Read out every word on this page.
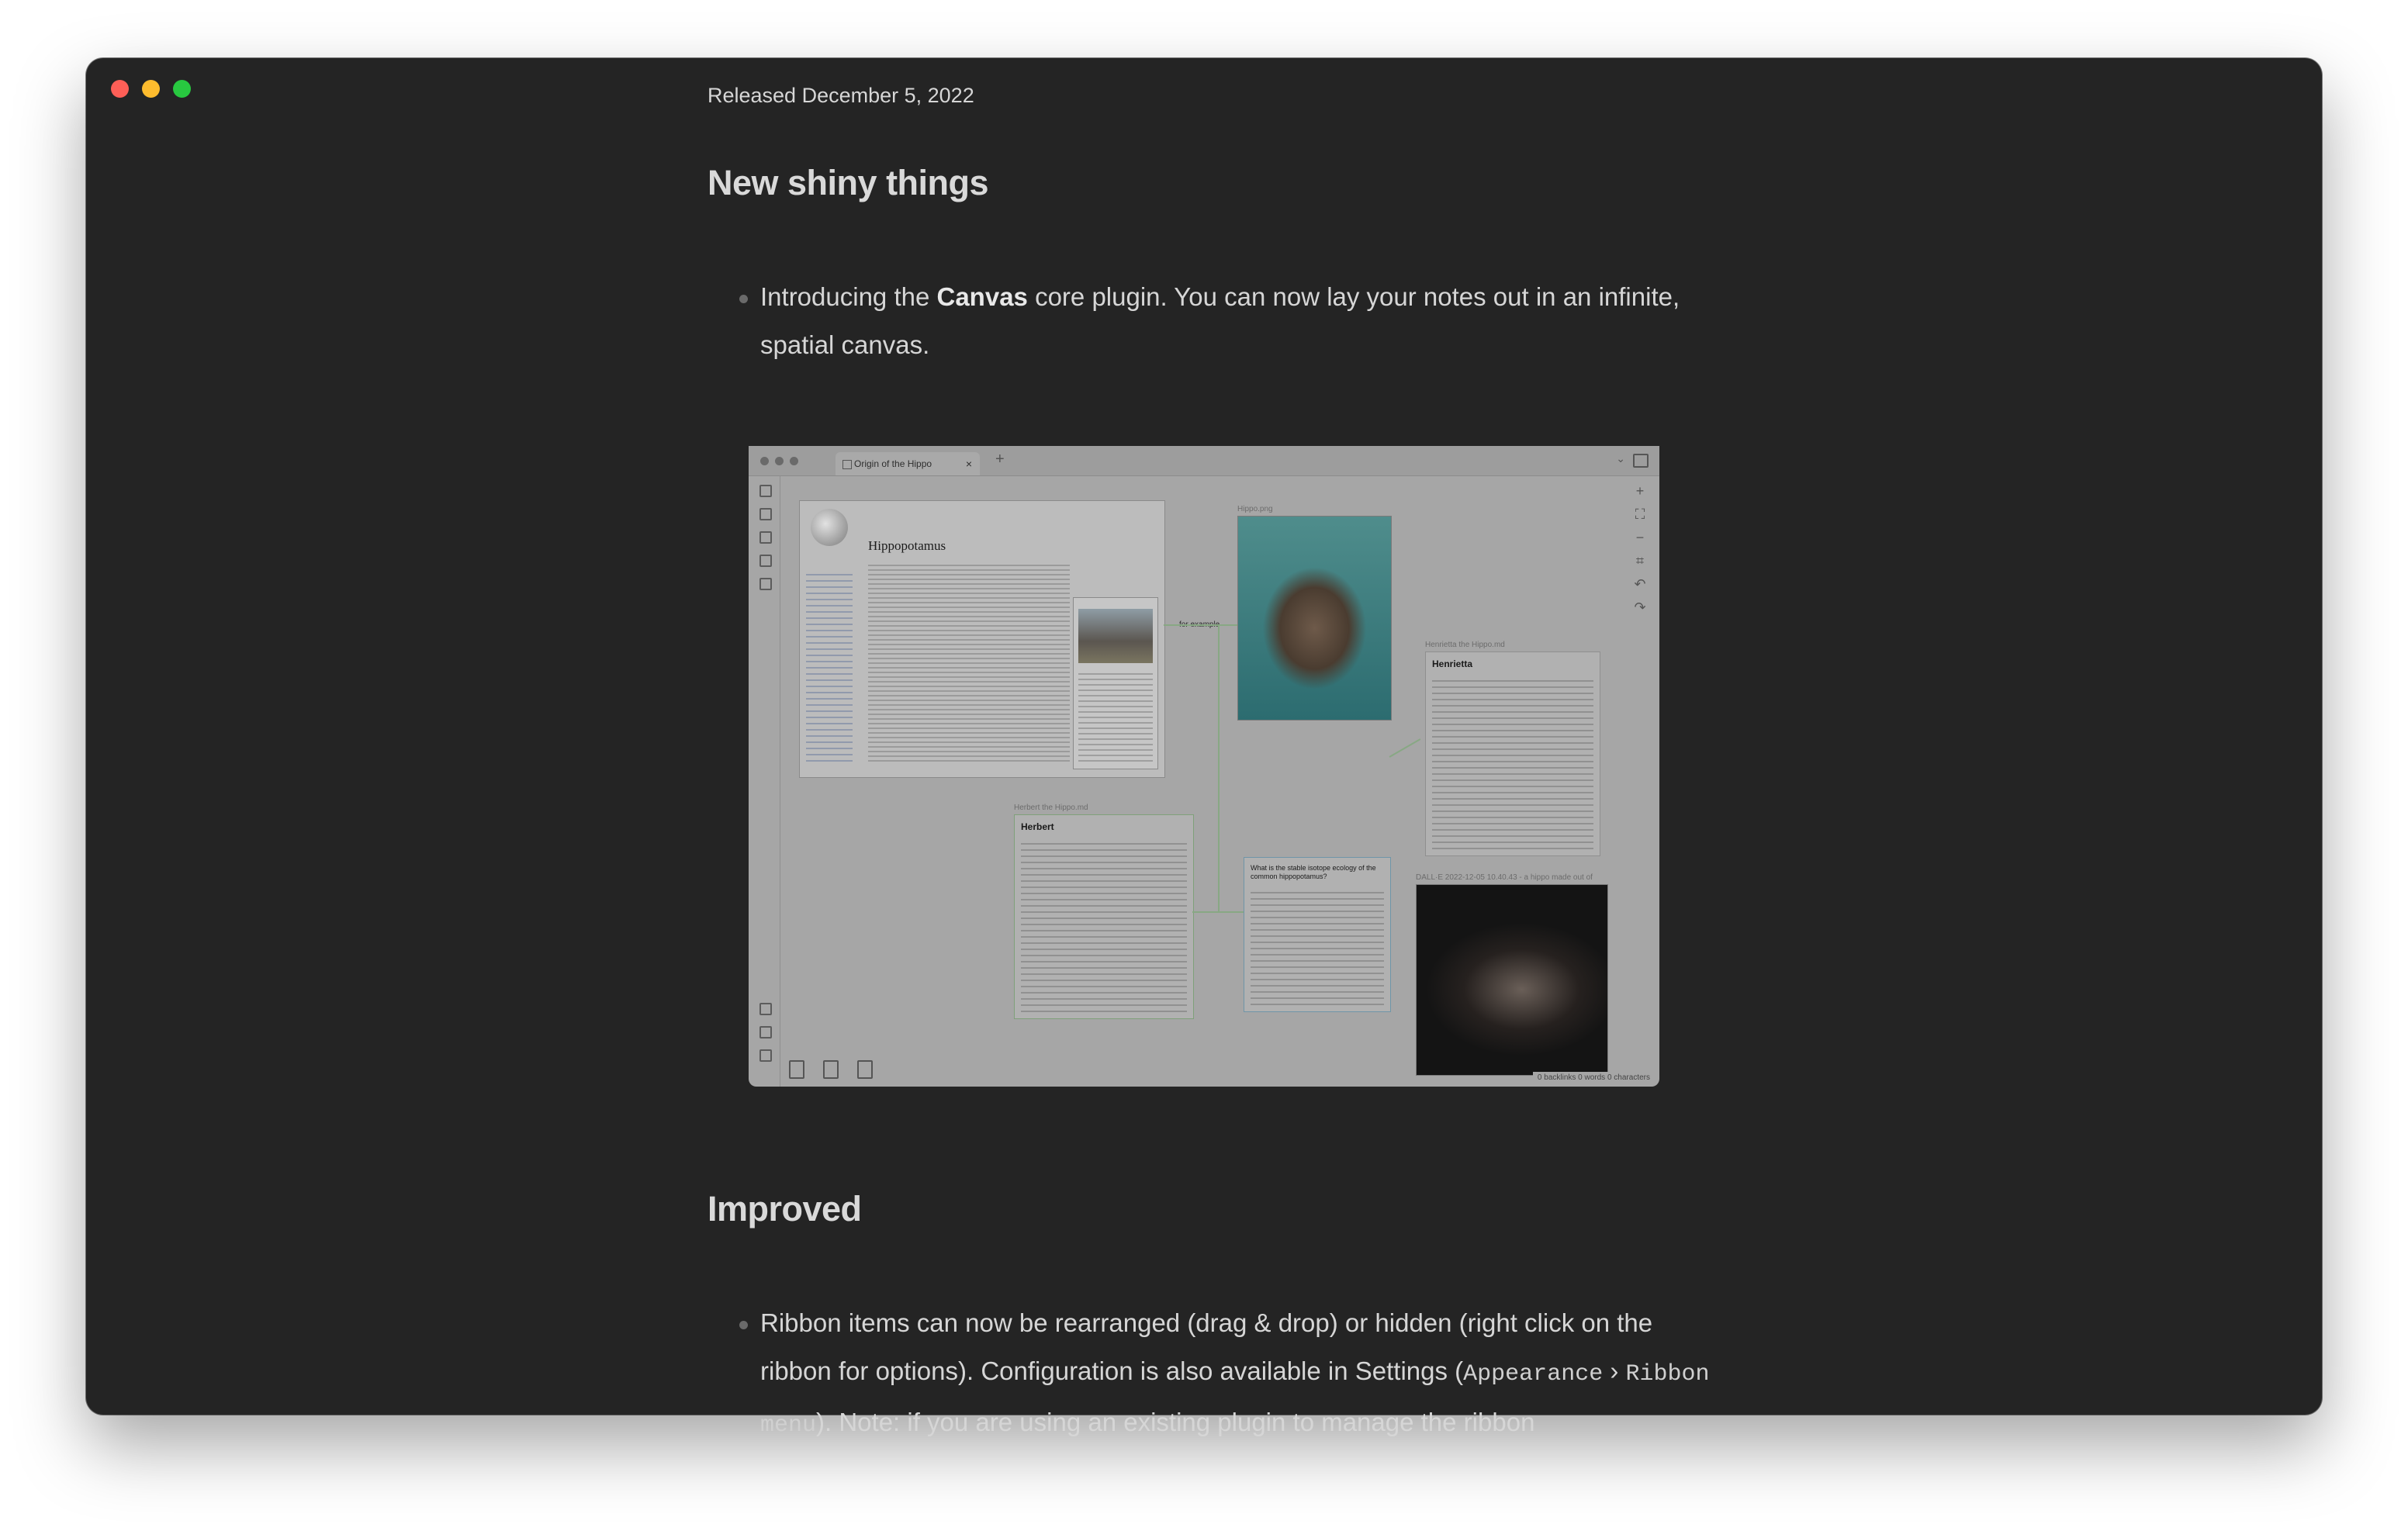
Released December 5, 2022
New shiny things
Introducing the Canvas core plugin. You can now lay your notes out in an infinite, spatial canvas.
Improved
Ribbon items can now be rearranged (drag & drop) or hidden (right click on the ribbon for options). Configuration is also available in Settings (Appearance › Ribbon menu). Note: if you are using an existing plugin to manage the ribbon
Origin of the Hippo	× +	⌄
+
⛶
−
⌗
↶
↷
Hippopotamus
Hippo.png
Henrietta the Hippo.md
Henrietta
Herbert the Hippo.md
Herbert
What is the stable isotope ecology of the common hippopotamus?	DALL·E 2022-12-05 10.40.43 - a hippo made out of
0 backlinks 0 words 0 characters
